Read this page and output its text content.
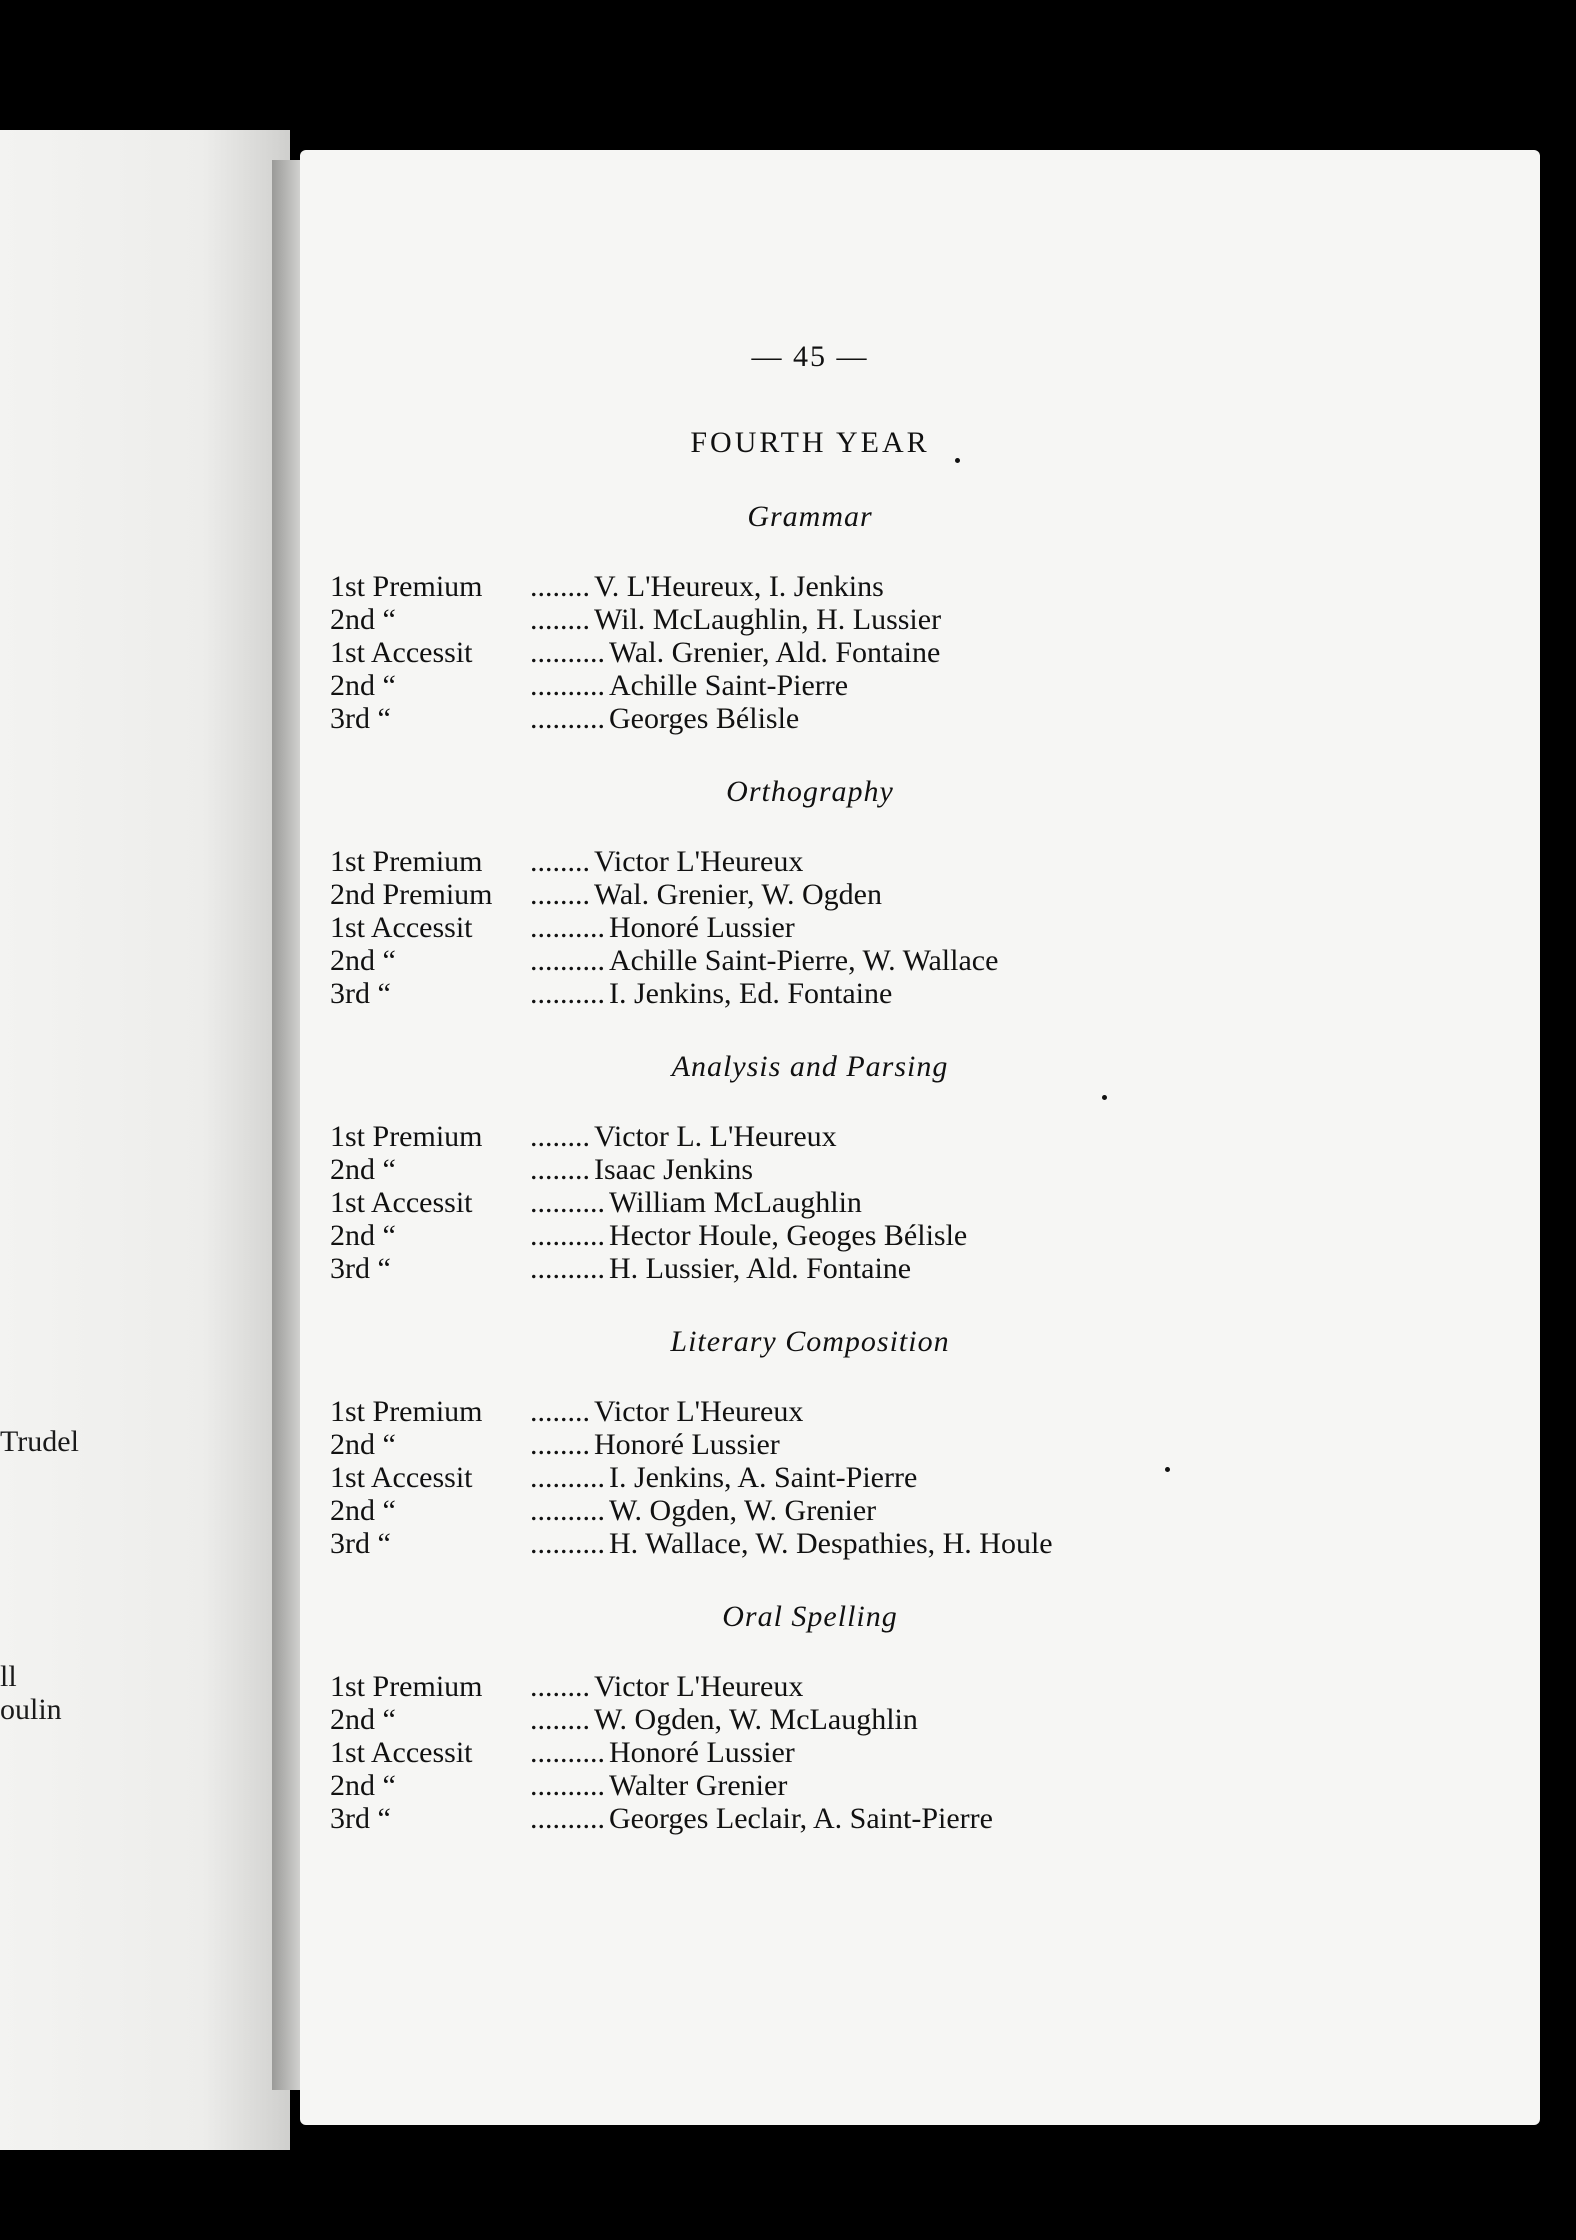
Trudel
ll
oulin
— 45 —
FOURTH YEAR
Grammar
1st Premium	........ V. L'Heureux, I. Jenkins
2nd “	........ Wil. McLaughlin, H. Lussier
1st Accessit	.......... Wal. Grenier, Ald. Fontaine
2nd “	.......... Achille Saint-Pierre
3rd “	.......... Georges Bélisle
Orthography
1st Premium	........ Victor L'Heureux
2nd Premium	........ Wal. Grenier, W. Ogden
1st Accessit	.......... Honoré Lussier
2nd “	.......... Achille Saint-Pierre, W. Wallace
3rd “	.......... I. Jenkins, Ed. Fontaine
Analysis and Parsing
1st Premium	........ Victor L. L'Heureux
2nd “	........ Isaac Jenkins
1st Accessit	.......... William McLaughlin
2nd “	.......... Hector Houle, Geoges Bélisle
3rd “	.......... H. Lussier, Ald. Fontaine
Literary Composition
1st Premium	........ Victor L'Heureux
2nd “	........ Honoré Lussier
1st Accessit	.......... I. Jenkins, A. Saint-Pierre
2nd “	.......... W. Ogden, W. Grenier
3rd “	.......... H. Wallace, W. Despathies, H. Houle
Oral Spelling
1st Premium	........ Victor L'Heureux
2nd “	........ W. Ogden, W. McLaughlin
1st Accessit	.......... Honoré Lussier
2nd “	.......... Walter Grenier
3rd “	.......... Georges Leclair, A. Saint-Pierre
